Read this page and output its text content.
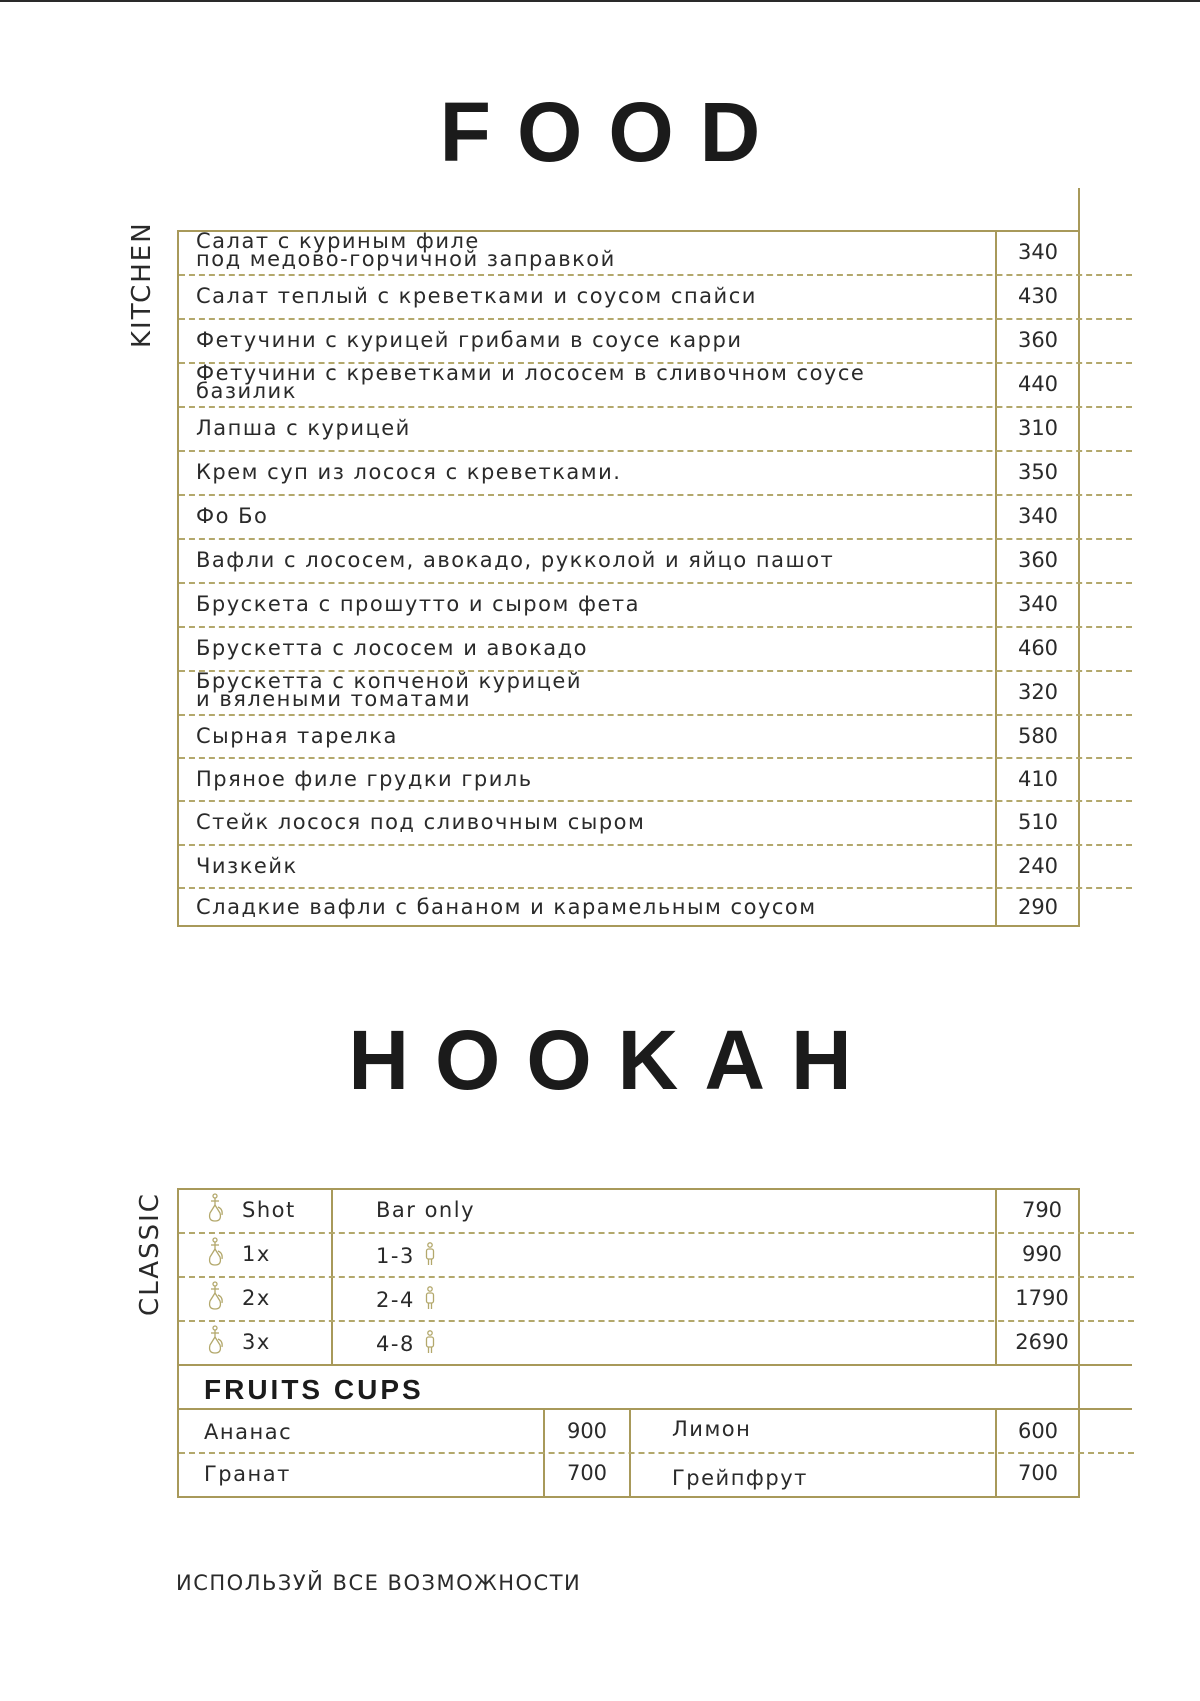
FOOD
KITCHEN Салат с куриным филе
под медово-горчичной заправкой	340
Салат теплый с креветками и соусом спайси	430
Фетучини с курицей грибами в соусе карри	360
Фетучини с креветками и лососем в сливочном соусе
базилик	440
Лапша с курицей	310
Крем суп из лосося с креветками.	350
Фо Бо	340
Вафли с лососем, авокадо, рукколой и яйцо пашот	360
Брускета с прошутто и сыром фета	340
Брускетта с лососем и авокадо	460
Брускетта с копченой курицей
и вялеными томатами	320
Сырная тарелка	580
Пряное филе грудки гриль	410
Стейк лосося под сливочным сыром	510
Чизкейк	240
Сладкие вафли с бананом и карамельным соусом	290
HOOKAH
CLASSIC	Shot	Bar only	790
1x	1-3	990
2x	2-4	1790
3x	4-8	2690
FRUITS CUPS
Ананас	900	Лимон	600
Гранат	700	Грейпфрут	700
ИСПОЛЬЗУЙ ВСЕ ВОЗМОЖНОСТИ
